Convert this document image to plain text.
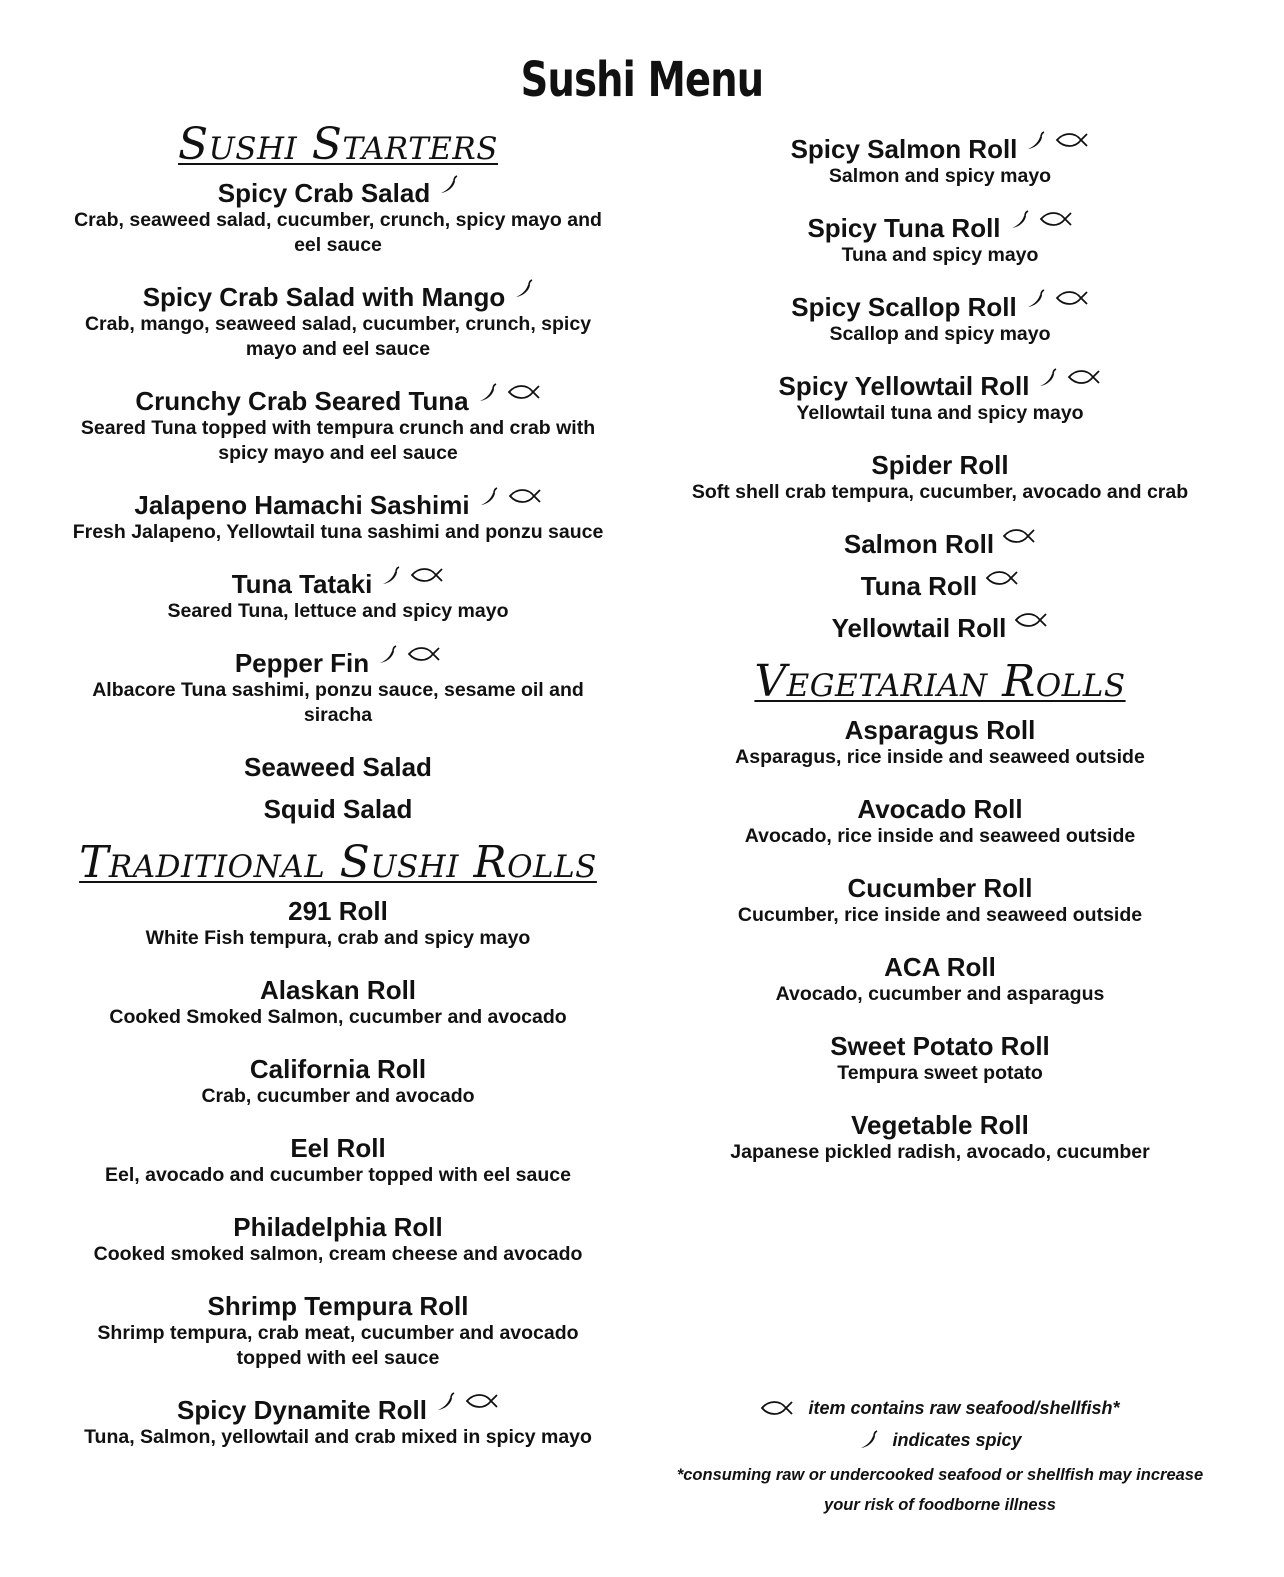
Sushi Menu
Sushi Starters
Spicy Crab Salad
Crab, seaweed salad, cucumber, crunch, spicy mayo and eel sauce
Spicy Crab Salad with Mango
Crab, mango, seaweed salad, cucumber, crunch, spicy mayo and eel sauce
Crunchy Crab Seared Tuna
Seared Tuna topped with tempura crunch and crab with spicy mayo and eel sauce
Jalapeno Hamachi Sashimi
Fresh Jalapeno, Yellowtail tuna sashimi and ponzu sauce
Tuna Tataki
Seared Tuna, lettuce and spicy mayo
Pepper Fin
Albacore Tuna sashimi, ponzu sauce, sesame oil and siracha
Seaweed Salad
Squid Salad
Traditional Sushi Rolls
291 Roll
White Fish tempura, crab and spicy mayo
Alaskan Roll
Cooked Smoked Salmon, cucumber and avocado
California Roll
Crab, cucumber and avocado
Eel Roll
Eel, avocado and cucumber topped with eel sauce
Philadelphia Roll
Cooked smoked salmon, cream cheese and avocado
Shrimp Tempura Roll
Shrimp tempura, crab meat, cucumber and avocado topped with eel sauce
Spicy Dynamite Roll
Tuna, Salmon, yellowtail and crab mixed in spicy mayo
Spicy Salmon Roll
Salmon and spicy mayo
Spicy Tuna Roll
Tuna and spicy mayo
Spicy Scallop Roll
Scallop and spicy mayo
Spicy Yellowtail Roll
Yellowtail tuna and spicy mayo
Spider Roll
Soft shell crab tempura, cucumber, avocado and crab
Salmon Roll
Tuna Roll
Yellowtail Roll
Vegetarian Rolls
Asparagus Roll
Asparagus, rice inside and seaweed outside
Avocado Roll
Avocado, rice inside and seaweed outside
Cucumber Roll
Cucumber, rice inside and seaweed outside
ACA Roll
Avocado, cucumber and asparagus
Sweet Potato Roll
Tempura sweet potato
Vegetable Roll
Japanese pickled radish, avocado, cucumber
item contains raw seafood/shellfish*
indicates spicy
*consuming raw or undercooked seafood or shellfish may increase your risk of foodborne illness
